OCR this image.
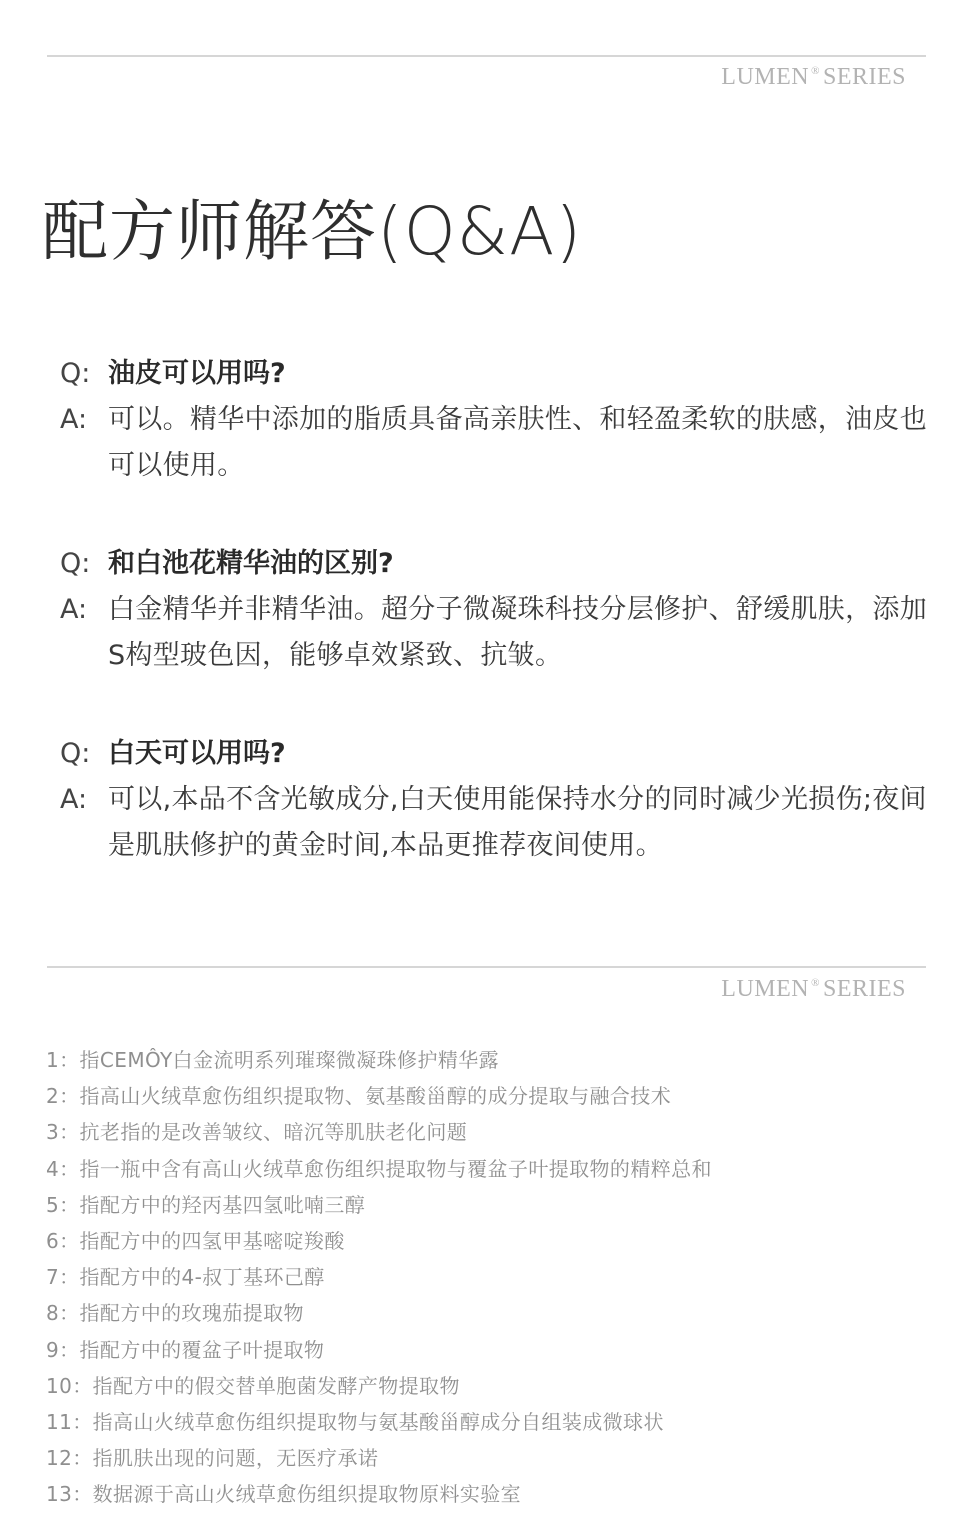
LUMEN ® SERIES
配方师解答(Q&A)
Q: 油皮可以用吗?
A: 可以。精华中添加的脂质具备高亲肤性、和轻盈柔软的肤感，油皮也可以使用。
Q: 和白池花精华油的区别?
A: 白金精华并非精华油。超分子微凝珠科技分层修护、舒缓肌肤，添加S构型玻色因，能够卓效紧致、抗皱。
Q: 白天可以用吗?
A: 可以,本品不含光敏成分,白天使用能保持水分的同时减少光损伤;夜间是肌肤修护的黄金时间,本品更推荐夜间使用。
LUMEN ® SERIES
1：指CEMÔY白金流明系列璀璨微凝珠修护精华露
2：指高山火绒草愈伤组织提取物、氨基酸甾醇的成分提取与融合技术
3：抗老指的是改善皱纹、暗沉等肌肤老化问题
4：指一瓶中含有高山火绒草愈伤组织提取物与覆盆子叶提取物的精粹总和
5：指配方中的羟丙基四氢吡喃三醇
6：指配方中的四氢甲基嘧啶羧酸
7：指配方中的4-叔丁基环己醇
8：指配方中的玫瑰茄提取物
9：指配方中的覆盆子叶提取物
10：指配方中的假交替单胞菌发酵产物提取物
11：指高山火绒草愈伤组织提取物与氨基酸甾醇成分自组装成微球状
12：指肌肤出现的问题，无医疗承诺
13：数据源于高山火绒草愈伤组织提取物原料实验室
